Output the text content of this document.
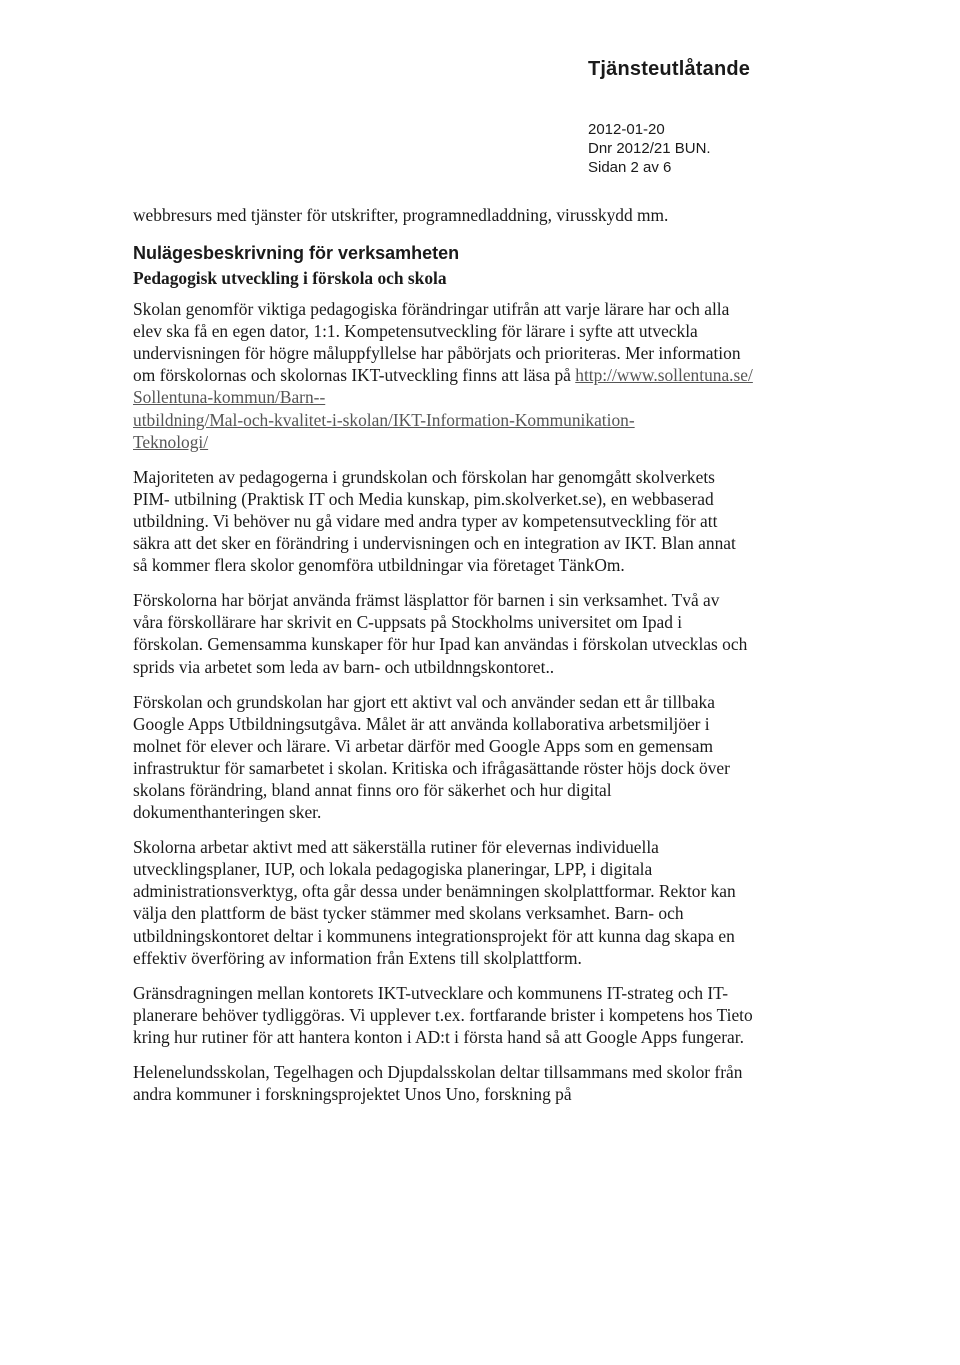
Tjänsteutlåtande
2012-01-20
Dnr 2012/21 BUN.
Sidan 2 av 6

webbresurs med tjänster för utskrifter, programnedladdning, virusskydd mm.

Nulägesbeskrivning för verksamheten
Pedagogisk utveckling i förskola och skola

Skolan genomför viktiga pedagogiska förändringar utifrån att varje lärare har och alla elev ska få en egen dator, 1:1. Kompetensutveckling för lärare i syfte att utveckla undervisningen för högre måluppfyllelse har påbörjats och prioriteras. Mer information om förskolornas och skolornas IKT-utveckling finns att läsa på http://www.sollentuna.se/Sollentuna-kommun/Barn--
utbildning/Mal-och-kvalitet-i-skolan/IKT-Information-Kommunikation-
Teknologi/

Majoriteten av pedagogerna i grundskolan och förskolan har genomgått skolverkets PIM- utbilning (Praktisk IT och Media kunskap, pim.skolverket.se), en webbaserad utbildning. Vi behöver nu gå vidare med andra typer av kompetensutveckling för att säkra att det sker en förändring i undervisningen och en integration av IKT. Blan annat så kommer flera skolor genomföra utbildningar via företaget TänkOm.

Förskolorna har börjat använda främst läsplattor för barnen i sin verksamhet. Två av våra förskollärare har skrivit en C-uppsats på Stockholms universitet om Ipad i förskolan. Gemensamma kunskaper för hur Ipad kan användas i förskolan utvecklas och sprids via arbetet som leda av barn- och utbildnngskontoret..

Förskolan och grundskolan har gjort ett aktivt val och använder sedan ett år tillbaka Google Apps Utbildningsutgåva. Målet är att använda kollaborativa arbetsmiljöer i molnet för elever och lärare. Vi arbetar därför med Google Apps som en gemensam infrastruktur för samarbetet i skolan. Kritiska och ifrågasättande röster höjs dock över skolans förändring, bland annat finns oro för säkerhet och hur digital dokumenthanteringen sker.

Skolorna arbetar aktivt med att säkerställa rutiner för elevernas individuella utvecklingsplaner, IUP, och lokala pedagogiska planeringar, LPP, i digitala administrationsverktyg, ofta går dessa under benämningen skolplattformar. Rektor kan välja den plattform de bäst tycker stämmer med skolans verksamhet. Barn- och utbildningskontoret deltar i kommunens integrationsprojekt för att kunna dag skapa en effektiv överföring av information från Extens till skolplattform.

Gränsdragningen mellan kontorets IKT-utvecklare och kommunens IT-strateg och IT-planerare behöver tydliggöras. Vi upplever t.ex. fortfarande brister i kompetens hos Tieto kring hur rutiner för att hantera konton i AD:t i första hand så att Google Apps fungerar.

Helenelundsskolan, Tegelhagen och Djupdalsskolan deltar tillsammans med skolor från andra kommuner i forskningsprojektet Unos Uno, forskning på
